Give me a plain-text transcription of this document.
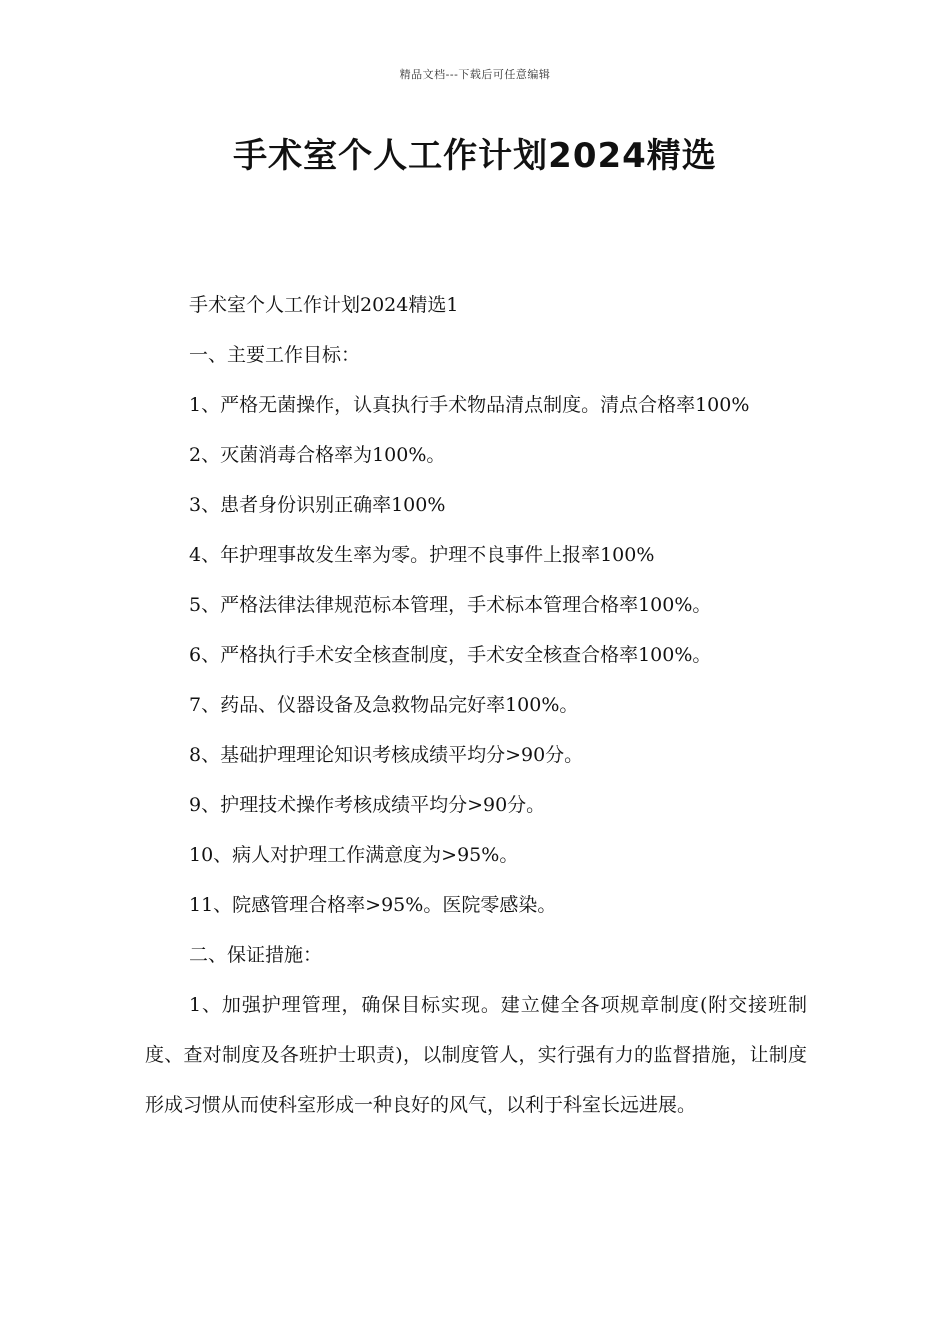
精品文档---下载后可任意编辑
手术室个人工作计划2024精选

手术室个人工作计划2024精选1

一、主要工作目标：

1、严格无菌操作，认真执行手术物品清点制度。清点合格率100%

2、灭菌消毒合格率为100%。

3、患者身份识别正确率100%

4、年护理事故发生率为零。护理不良事件上报率100%

5、严格法律法律规范标本管理，手术标本管理合格率100%。

6、严格执行手术安全核查制度，手术安全核查合格率100%。

7、药品、仪器设备及急救物品完好率100%。

8、基础护理理论知识考核成绩平均分>90分。

9、护理技术操作考核成绩平均分>90分。

10、病人对护理工作满意度为>95%。

11、院感管理合格率>95%。医院零感染。

二、保证措施：

1、加强护理管理，确保目标实现。建立健全各项规章制度(附交接班制度、查对制度及各班护士职责)，以制度管人，实行强有力的监督措施，让制度形成习惯从而使科室形成一种良好的风气，以利于科室长远进展。
